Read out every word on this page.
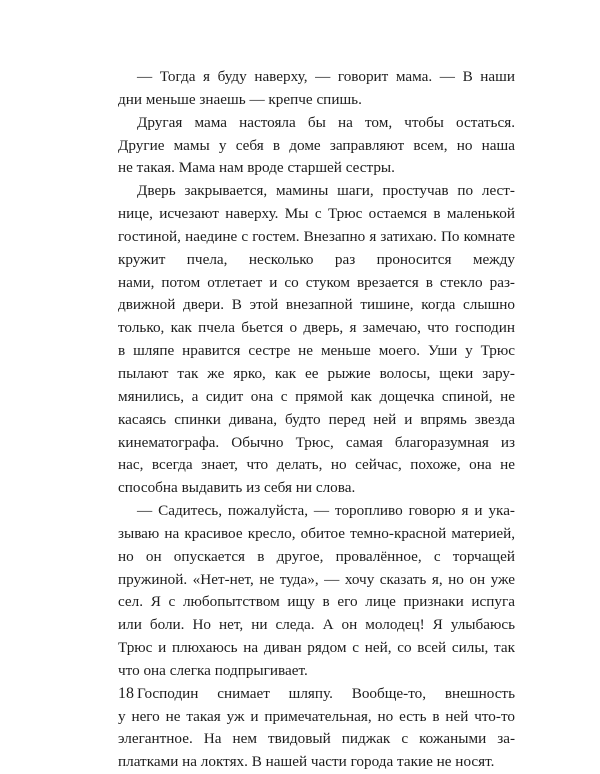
— Тогда я буду наверху, — говорит мама. — В наши
дни меньше знаешь — крепче спишь.
Другая мама настояла бы на том, чтобы остаться.
Другие мамы у себя в доме заправляют всем, но наша
не такая. Мама нам вроде старшей сестры.
Дверь закрывается, мамины шаги, простучав по лест-
нице, исчезают наверху. Мы с Трюс остаемся в маленькой
гостиной, наедине с гостем. Внезапно я затихаю. По комнате
кружит пчела, несколько раз проносится между
нами, потом отлетает и со стуком врезается в стекло раз-
движной двери. В этой внезапной тишине, когда слышно
только, как пчела бьется о дверь, я замечаю, что господин
в шляпе нравится сестре не меньше моего. Уши у Трюс
пылают так же ярко, как ее рыжие волосы, щеки зару-
мянились, а сидит она с прямой как дощечка спиной, не
касаясь спинки дивана, будто перед ней и впрямь звезда
кинематографа. Обычно Трюс, самая благоразумная из
нас, всегда знает, что делать, но сейчас, похоже, она не
способна выдавить из себя ни слова.
— Садитесь, пожалуйста, — торопливо говорю я и ука-
зываю на красивое кресло, обитое темно-красной материей,
но он опускается в другое, провалённое, с торчащей
пружиной. «Нет-нет, не туда», — хочу сказать я, но он уже
сел. Я с любопытством ищу в его лице признаки испуга
или боли. Но нет, ни следа. А он молодец! Я улыбаюсь
Трюс и плюхаюсь на диван рядом с ней, со всей силы, так
что она слегка подпрыгивает.
Господин снимает шляпу. Вообще-то, внешность
у него не такая уж и примечательная, но есть в ней что-то
элегантное. На нем твидовый пиджак с кожаными за-
платками на локтях. В нашей части города такие не носят.
18
